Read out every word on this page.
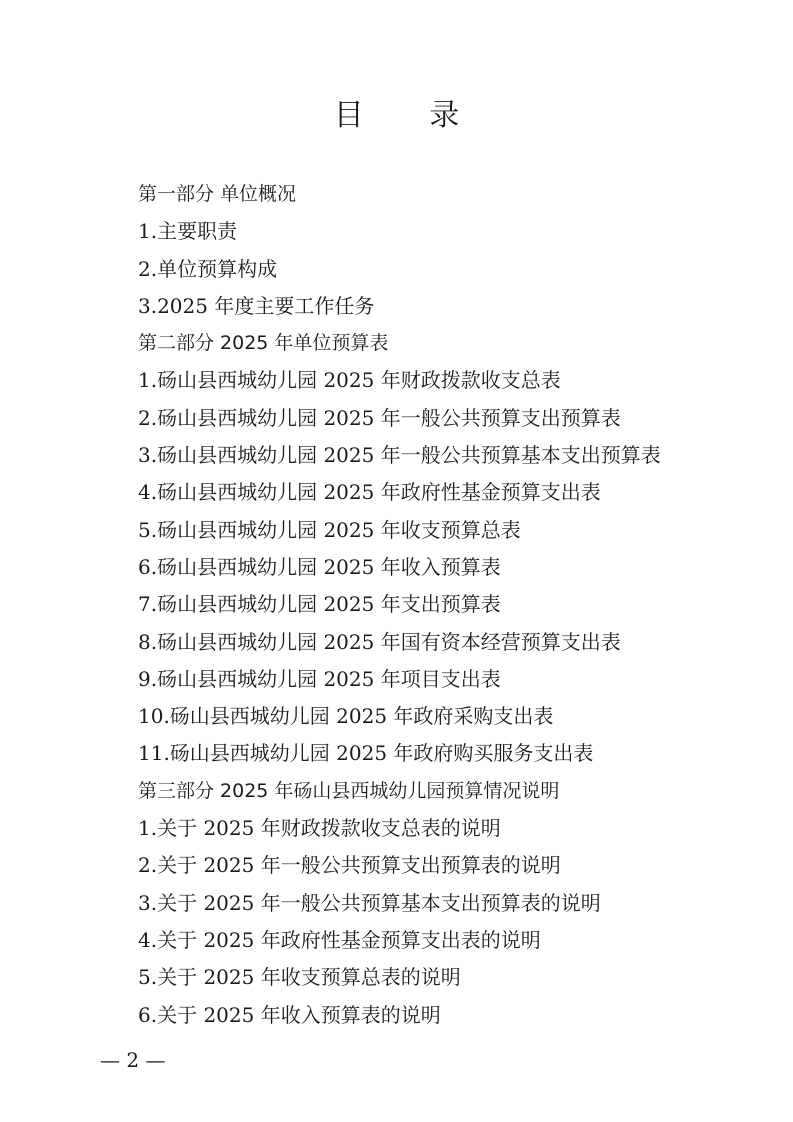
目 录
第一部分 单位概况
1.主要职责
2.单位预算构成
3.2025 年度主要工作任务
第二部分 2025 年单位预算表
1.砀山县西城幼儿园 2025 年财政拨款收支总表
2.砀山县西城幼儿园 2025 年一般公共预算支出预算表
3.砀山县西城幼儿园 2025 年一般公共预算基本支出预算表
4.砀山县西城幼儿园 2025 年政府性基金预算支出表
5.砀山县西城幼儿园 2025 年收支预算总表
6.砀山县西城幼儿园 2025 年收入预算表
7.砀山县西城幼儿园 2025 年支出预算表
8.砀山县西城幼儿园 2025 年国有资本经营预算支出表
9.砀山县西城幼儿园 2025 年项目支出表
10.砀山县西城幼儿园 2025 年政府采购支出表
11.砀山县西城幼儿园 2025 年政府购买服务支出表
第三部分 2025 年砀山县西城幼儿园预算情况说明
1.关于 2025 年财政拨款收支总表的说明
2.关于 2025 年一般公共预算支出预算表的说明
3.关于 2025 年一般公共预算基本支出预算表的说明
4.关于 2025 年政府性基金预算支出表的说明
5.关于 2025 年收支预算总表的说明
6.关于 2025 年收入预算表的说明
— 2 —
